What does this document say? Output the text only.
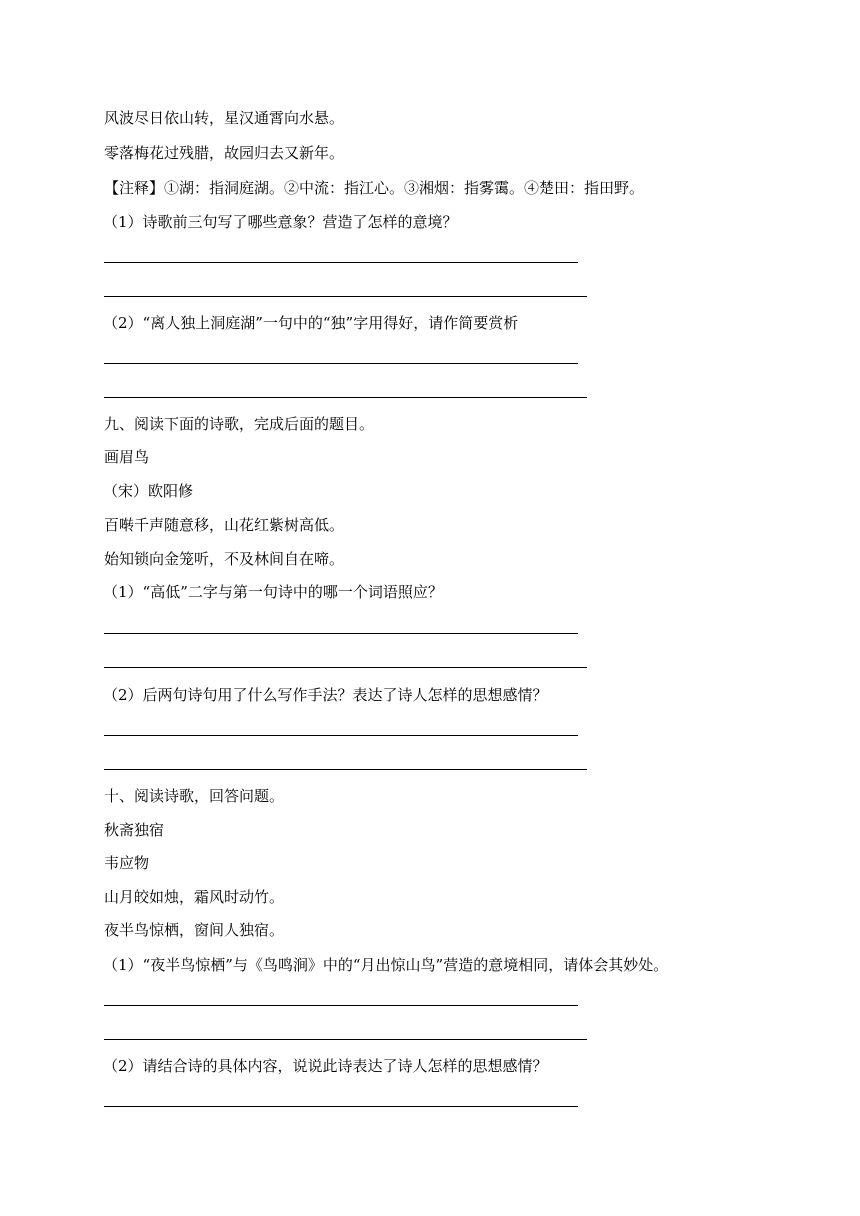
风波尽日依山转，星汉通霄向水悬。
零落梅花过残腊，故园归去又新年。
【注释】①湖：指洞庭湖。②中流：指江心。③湘烟：指雾霭。④楚田：指田野。
（1）诗歌前三句写了哪些意象？营造了怎样的意境？
（2）“离人独上洞庭湖”一句中的“独”字用得好，请作简要赏析
九、阅读下面的诗歌，完成后面的题目。
画眉鸟
（宋）欧阳修
百啭千声随意移，山花红紫树高低。
始知锁向金笼听，不及林间自在啼。
（1）“高低”二字与第一句诗中的哪一个词语照应？
（2）后两句诗句用了什么写作手法？表达了诗人怎样的思想感情？
十、阅读诗歌，回答问题。
秋斋独宿
韦应物
山月皎如烛，霜风时动竹。
夜半鸟惊栖，窗间人独宿。
（1）“夜半鸟惊栖”与《鸟鸣涧》中的“月出惊山鸟”营造的意境相同，请体会其妙处。
（2）请结合诗的具体内容，说说此诗表达了诗人怎样的思想感情？
